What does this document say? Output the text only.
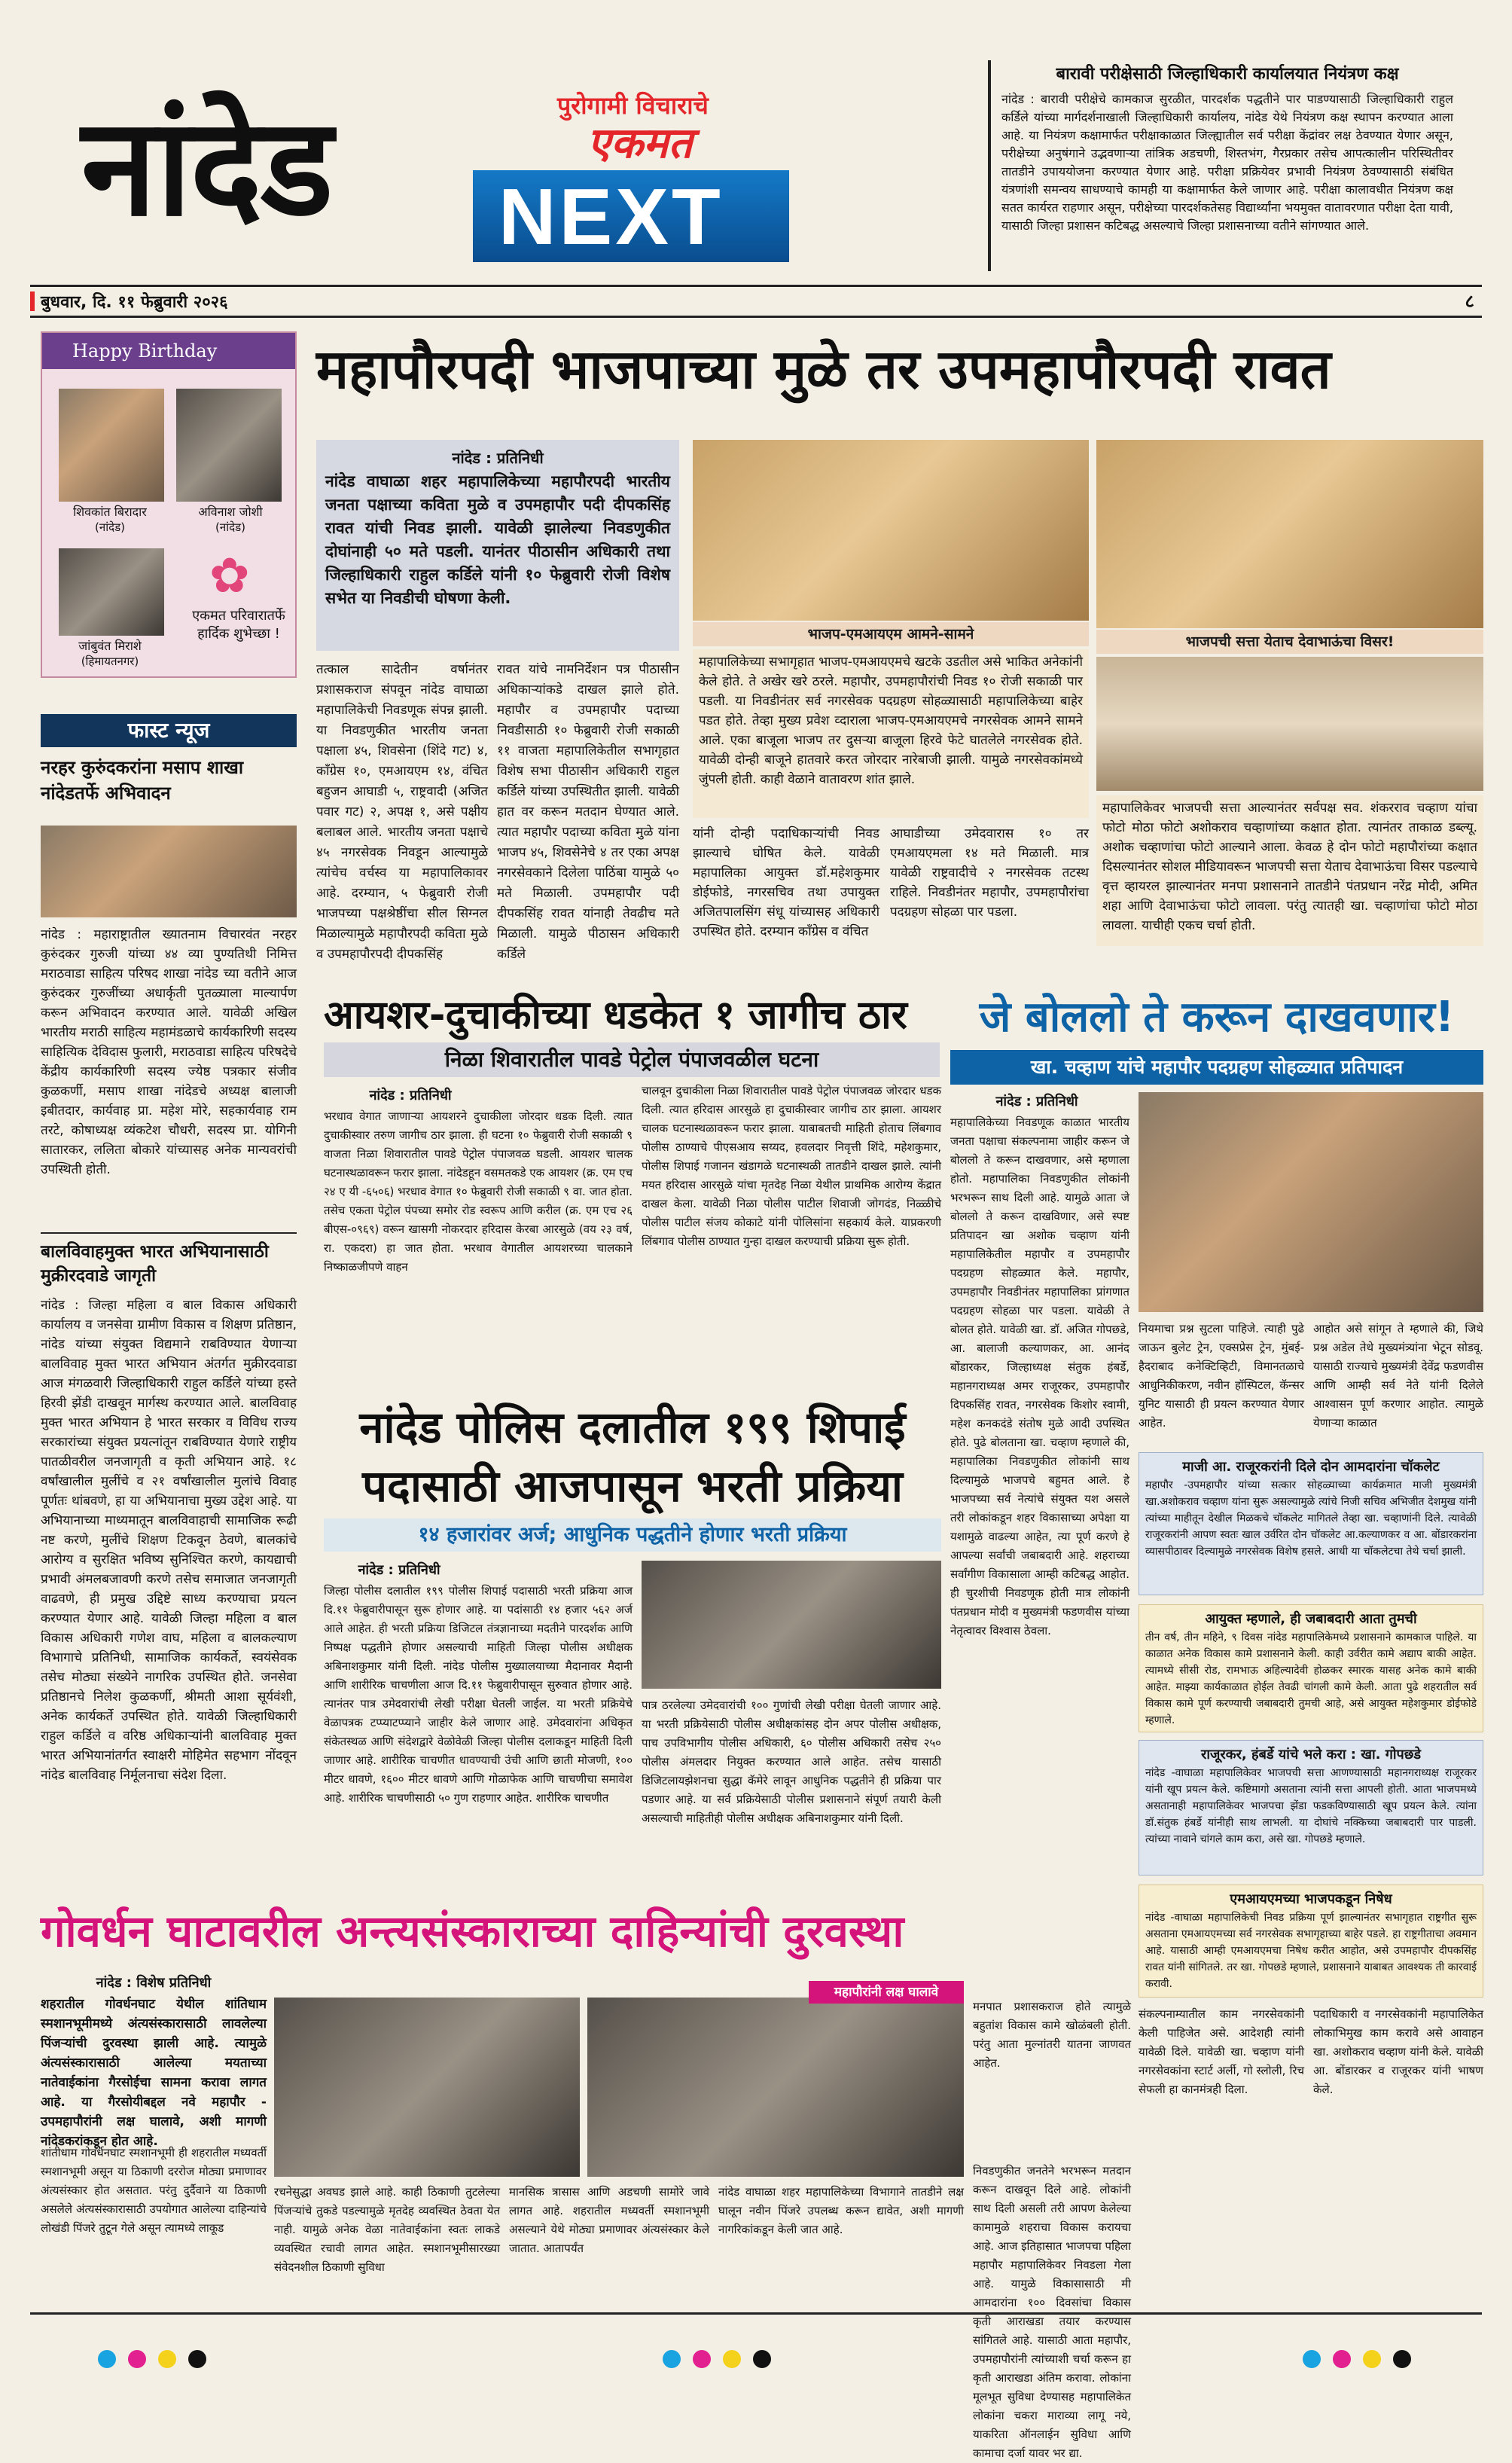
नांदेड	पुरोगामी विचाराचे
एकमत
NEXT
बारावी परीक्षेसाठी जिल्हाधिकारी कार्यालयात नियंत्रण कक्ष
नांदेड : बारावी परीक्षेचे कामकाज सुरळीत, पारदर्शक पद्धतीने पार पाडण्यासाठी जिल्हाधिकारी राहुल कर्डिले यांच्या मार्गदर्शनाखाली जिल्हाधिकारी कार्यालय, नांदेड येथे नियंत्रण कक्ष स्थापन करण्यात आला आहे. या नियंत्रण कक्षामार्फत परीक्षाकाळात जिल्ह्यातील सर्व परीक्षा केंद्रांवर लक्ष ठेवण्यात येणार असून, परीक्षेच्या अनुषंगाने उद्भवणाऱ्या तांत्रिक अडचणी, शिस्तभंग, गैरप्रकार तसेच आपत्कालीन परिस्थितीवर तातडीने उपाययोजना करण्यात येणार आहे. परीक्षा प्रक्रियेवर प्रभावी नियंत्रण ठेवण्यासाठी संबंधित यंत्रणांशी समन्वय साधण्याचे कामही या कक्षामार्फत केले जाणार आहे. परीक्षा कालावधीत नियंत्रण कक्ष सतत कार्यरत राहणार असून, परीक्षेच्या पारदर्शकतेसह विद्यार्थ्यांना भयमुक्त वातावरणात परीक्षा देता यावी, यासाठी जिल्हा प्रशासन कटिबद्ध असल्याचे जिल्हा प्रशासनाच्या वतीने सांगण्यात आले.
बुधवार, दि. ११ फेब्रुवारी २०२६	८
Happy Birthday
शिवकांत बिरादार
(नांदेड)
अविनाश जोशी
(नांदेड)
जांबुवंत मिराशे
(हिमायतनगर)
✿
एकमत परिवारातर्फे हार्दिक शुभेच्छा !
फास्ट न्यूज
नरहर कुरुंदकरांना मसाप शाखा नांदेडतर्फे अभिवादन
नांदेड : महाराष्ट्रातील ख्यातनाम विचारवंत नरहर कुरुंदकर गुरुजी यांच्या ४४ व्या पुण्यतिथी निमित्त मराठवाडा साहित्य परिषद शाखा नांदेड च्या वतीने आज कुरुंदकर गुरुजींच्या अधार्कृती पुतळ्याला माल्यार्पण करून अभिवादन करण्यात आले. यावेळी अखिल भारतीय मराठी साहित्य महामंडळाचे कार्यकारिणी सदस्य साहित्यिक देविदास फुलारी, मराठवाडा साहित्य परिषदेचे केंद्रीय कार्यकारिणी सदस्य ज्येष्ठ पत्रकार संजीव कुळकर्णी, मसाप शाखा नांदेडचे अध्यक्ष बालाजी इबीतदार, कार्यवाह प्रा. महेश मोरे, सहकार्यवाह राम तरटे, कोषाध्यक्ष व्यंकटेश चौधरी, सदस्य प्रा. योगिनी सातारकर, ललिता बोकारे यांच्यासह अनेक मान्यवरांची उपस्थिती होती.
बालविवाहमुक्त भारत अभियानासाठी मुक्रीरदवाडे जागृती
नांदेड : जिल्हा महिला व बाल विकास अधिकारी कार्यालय व जनसेवा ग्रामीण विकास व शिक्षण प्रतिष्ठान, नांदेड यांच्या संयुक्त विद्यमाने राबविण्यात येणाऱ्या बालविवाह मुक्त भारत अभियान अंतर्गत मुक्रीरदवाडा आज मंगळवारी जिल्हाधिकारी राहुल कर्डिले यांच्या हस्ते हिरवी झेंडी दाखवून मार्गस्थ करण्यात आले. बालविवाह मुक्त भारत अभियान हे भारत सरकार व विविध राज्य सरकारांच्या संयुक्त प्रयत्नांतून राबविण्यात येणारे राष्ट्रीय पातळीवरील जनजागृती व कृती अभियान आहे. १८ वर्षांखालील मुलींचे व २१ वर्षांखालील मुलांचे विवाह पूर्णतः थांबवणे, हा या अभियानाचा मुख्य उद्देश आहे. या अभियानाच्या माध्यमातून बालविवाहाची सामाजिक रूढी नष्ट करणे, मुलींचे शिक्षण टिकवून ठेवणे, बालकांचे आरोग्य व सुरक्षित भविष्य सुनिश्चित करणे, कायद्याची प्रभावी अंमलबजावणी करणे तसेच समाजात जनजागृती वाढवणे, ही प्रमुख उद्दिष्टे साध्य करण्याचा प्रयत्न करण्यात येणार आहे. यावेळी जिल्हा महिला व बाल विकास अधिकारी गणेश वाघ, महिला व बालकल्याण विभागाचे प्रतिनिधी, सामाजिक कार्यकर्ते, स्वयंसेवक तसेच मोठ्या संख्येने नागरिक उपस्थित होते. जनसेवा प्रतिष्ठानचे निलेश कुळकर्णी, श्रीमती आशा सूर्यवंशी, अनेक कार्यकर्ते उपस्थित होते. यावेळी जिल्हाधिकारी राहुल कर्डिले व वरिष्ठ अधिकाऱ्यांनी बालविवाह मुक्त भारत अभियानांतर्गत स्वाक्षरी मोहिमेत सहभाग नोंदवून नांदेड बालविवाह निर्मूलनाचा संदेश दिला.
महापौरपदी भाजपाच्या मुळे तर उपमहापौरपदी रावत
नांदेड : प्रतिनिधी
नांदेड वाघाळा शहर महापालिकेच्या महापौरपदी भारतीय जनता पक्षाच्या कविता मुळे व उपमहापौर पदी दीपकसिंह रावत यांची निवड झाली. यावेळी झालेल्या निवडणुकीत दोघांनाही ५० मते पडली. यानंतर पीठासीन अधिकारी तथा जिल्हाधिकारी राहुल कर्डिले यांनी १० फेब्रुवारी रोजी विशेष सभेत या निवडीची घोषणा केली.
तत्काल सादेतीन वर्षानंतर प्रशासकराज संपवून नांदेड वाघाळा महापालिकेची निवडणूक संपन्न झाली. या निवडणुकीत भारतीय जनता पक्षाला ४५, शिवसेना (शिंदे गट) ४, काँग्रेस १०, एमआयएम १४, वंचित बहुजन आघाडी ५, राष्ट्रवादी (अजित पवार गट) २, अपक्ष १, असे पक्षीय बलाबल आले. भारतीय जनता पक्षाचे ४५ नगरसेवक निवडून आल्यामुळे त्यांचेच वर्चस्व या महापालिकावर आहे. दरम्यान, ५ फेब्रुवारी रोजी भाजपच्या पक्षश्रेष्ठींचा सील सिग्नल मिळाल्यामुळे महापौरपदी कविता मुळे व उपमहापौरपदी दीपकसिंह
रावत यांचे नामनिर्देशन पत्र पीठासीन अधिकाऱ्यांकडे दाखल झाले होते. महापौर व उपमहापौर पदाच्या निवडीसाठी १० फेब्रुवारी रोजी सकाळी ११ वाजता महापालिकेतील सभागृहात विशेष सभा पीठासीन अधिकारी राहुल कर्डिले यांच्या उपस्थितीत झाली. यावेळी हात वर करून मतदान घेण्यात आले. त्यात महापौर पदाच्या कविता मुळे यांना भाजप ४५, शिवसेनेचे ४ तर एका अपक्ष नगरसेवकाने दिलेला पाठिंबा यामुळे ५० मते मिळाली. उपमहापौर पदी दीपकसिंह रावत यांनाही तेवढीच मते मिळाली. यामुळे पीठासन अधिकारी कर्डिले
भाजप-एमआयएम आमने-सामने
महापालिकेच्या सभागृहात भाजप-एमआयएमचे खटके उडतील असे भाकित अनेकांनी केले होते. ते अखेर खरे ठरले. महापौर, उपमहापौरांची निवड १० रोजी सकाळी पार पडली. या निवडीनंतर सर्व नगरसेवक पदग्रहण सोहळ्यासाठी महापालिकेच्या बाहेर पडत होते. तेव्हा मुख्य प्रवेश व्दाराला भाजप-एमआयएमचे नगरसेवक आमने सामने आले. एका बाजूला भाजप तर दुसऱ्या बाजूला हिरवे फेटे घातलेले नगरसेवक होते. यावेळी दोन्ही बाजूने हातवारे करत जोरदार नारेबाजी झाली. यामुळे नगरसेवकांमध्ये जुंपली होती. काही वेळाने वातावरण शांत झाले.
भाजपची सत्ता येताच देवाभाऊंचा विसर!
महापालिकेवर भाजपची सत्ता आल्यानंतर सर्वपक्ष सव. शंकरराव चव्हाण यांचा फोटो मोठा फोटो अशोकराव चव्हाणांच्या कक्षात होता. त्यानंतर ताकाळ डब्ल्यू. अशोक चव्हाणांचा फोटो आल्याने आला. केवळ हे दोन फोटो महापौरांच्या कक्षात दिसल्यानंतर सोशल मीडियावरून भाजपची सत्ता येताच देवाभाऊंचा विसर पडल्याचे वृत्त व्हायरल झाल्यानंतर मनपा प्रशासनाने तातडीने पंतप्रधान नरेंद्र मोदी, अमित शहा आणि देवाभाऊंचा फोटो लावला. परंतु त्यातही खा. चव्हाणांचा फोटो मोठा लावला. याचीही एकच चर्चा होती.
यांनी दोन्ही पदाधिकाऱ्यांची निवड झाल्याचे घोषित केले. यावेळी महापालिका आयुक्त डॉ.महेशकुमार डोईफोडे, नगरसचिव तथा उपायुक्त अजितपालसिंग संधू यांच्यासह अधिकारी उपस्थित होते. दरम्यान काँग्रेस व वंचित
आघाडीच्या उमेदवारास १० तर एमआयएमला १४ मते मिळाली. मात्र यावेळी राष्ट्रवादीचे २ नगरसेवक तटस्थ राहिले. निवडीनंतर महापौर, उपमहापौरांचा पदग्रहण सोहळा पार पडला.
आयशर-दुचाकीच्या धडकेत १ जागीच ठार
निळा शिवारातील पावडे पेट्रोल पंपाजवळील घटना
नांदेड : प्रतिनिधी
भरधाव वेगात जाणाऱ्या आयशरने दुचाकीला जोरदार धडक दिली. त्यात दुचाकीस्वार तरुण जागीच ठार झाला. ही घटना १० फेब्रुवारी रोजी सकाळी ९ वाजता निळा शिवारातील पावडे पेट्रोल पंपाजवळ घडली. आयशर चालक घटनास्थळावरून फरार झाला. नांदेडहून वसमतकडे एक आयशर (क्र. एम एच २४ ए यी -६५०६) भरधाव वेगात १० फेब्रुवारी रोजी सकाळी ९ वा. जात होता. तसेच एकता पेट्रोल पंपच्या समोर रोड स्वरूप आणि करील (क्र. एम एच २६ बीएस-०९६९) वरून खासगी नोकरदार हरिदास केरबा आरसुळे (वय २३ वर्ष, रा. एकदरा) हा जात होता. भरधाव वेगातील आयशरच्या चालकाने निष्काळजीपणे वाहन
चालवून दुचाकीला निळा शिवारातील पावडे पेट्रोल पंपाजवळ जोरदार धडक दिली. त्यात हरिदास आरसुळे हा दुचाकीस्वार जागीच ठार झाला. आयशर चालक घटनास्थळावरून फरार झाला. याबाबतची माहिती होताच लिंबगाव पोलीस ठाण्याचे पीएसआय सय्यद, हवलदार निवृत्ती शिंदे, महेशकुमार, पोलीस शिपाई गजानन खंडागळे घटनास्थळी तातडीने दाखल झाले. त्यांनी मयत हरिदास आरसुळे यांचा मृतदेह निळा येथील प्राथमिक आरोग्य केंद्रात दाखल केला. यावेळी निळा पोलीस पाटील शिवाजी जोगदंड, निळ्ळीचे पोलीस पाटील संजय कोकाटे यांनी पोलिसांना सहकार्य केले. याप्रकरणी लिंबगाव पोलीस ठाण्यात गुन्हा दाखल करण्याची प्रक्रिया सुरू होती.
नांदेड पोलिस दलातील १९९ शिपाई
पदासाठी आजपासून भरती प्रक्रिया
१४ हजारांवर अर्ज; आधुनिक पद्धतीने होणार भरती प्रक्रिया
नांदेड : प्रतिनिधी
जिल्हा पोलीस दलातील १९९ पोलीस शिपाई पदासाठी भरती प्रक्रिया आज दि.११ फेब्रुवारीपासून सुरू होणार आहे. या पदांसाठी १४ हजार ५६२ अर्ज आले आहेत. ही भरती प्रक्रिया डिजिटल तंत्रज्ञानाच्या मदतीने पारदर्शक आणि निष्पक्ष पद्धतीने होणार असल्याची माहिती जिल्हा पोलीस अधीक्षक अबिनाशकुमार यांनी दिली. नांदेड पोलीस मुख्यालयाच्या मैदानावर मैदानी आणि शारीरिक चाचणीला आज दि.११ फेब्रुवारीपासून सुरुवात होणार आहे. त्यानंतर पात्र उमेदवारांची लेखी परीक्षा घेतली जाईल. या भरती प्रक्रियेचे वेळापत्रक टप्प्याटप्प्याने जाहीर केले जाणार आहे. उमेदवारांना अधिकृत संकेतस्थळ आणि संदेशद्वारे वेळोवेळी जिल्हा पोलीस दलाकडून माहिती दिली जाणार आहे. शारीरिक चाचणीत धावण्याची उंची आणि छाती मोजणी, १०० मीटर धावणे, १६०० मीटर धावणे आणि गोळाफेक आणि चाचणीचा समावेश आहे. शारीरिक चाचणीसाठी ५० गुण राहणार आहेत. शारीरिक चाचणीत
पात्र ठरलेल्या उमेदवारांची १०० गुणांची लेखी परीक्षा घेतली जाणार आहे. या भरती प्रक्रियेसाठी पोलीस अधीक्षकांसह दोन अपर पोलीस अधीक्षक, पाच उपविभागीय पोलीस अधिकारी, ६० पोलीस अधिकारी तसेच २५० पोलीस अंमलदार नियुक्त करण्यात आले आहेत. तसेच यासाठी डिजिटलायझेशनचा सुद्धा कॅमेरे लावून आधुनिक पद्धतीने ही प्रक्रिया पार पडणार आहे. या सर्व प्रक्रियेसाठी पोलीस प्रशासनाने संपूर्ण तयारी केली असल्याची माहितीही पोलीस अधीक्षक अबिनाशकुमार यांनी दिली.
जे बोललो ते करून दाखवणार!
खा. चव्हाण यांचे महापौर पदग्रहण सोहळ्यात प्रतिपादन
नांदेड : प्रतिनिधी
महापालिकेच्या निवडणूक काळात भारतीय जनता पक्षाचा संकल्पनामा जाहीर करून जे बोललो ते करून दाखवणार, असे म्हणाला होतो. महापालिका निवडणुकीत लोकांनी भरभरून साथ दिली आहे. यामुळे आता जे बोललो ते करून दाखविणार, असे स्पष्ट प्रतिपादन खा अशोक चव्हाण यांनी महापालिकेतील महापौर व उपमहापौर पदग्रहण सोहळ्यात केले. महापौर, उपमहापौर निवडीनंतर महापालिका प्रांगणात पदग्रहण सोहळा पार पडला. यावेळी ते बोलत होते. यावेळी खा. डॉ. अजित गोपछडे, आ. बालाजी कल्याणकर, आ. आनंद बोंडारकर, जिल्हाध्यक्ष संतुक हंबर्डे, महानगराध्यक्ष अमर राजूरकर, उपमहापौर दिपकसिंह रावत, नगरसेवक किशोर स्वामी, महेश कनकदंडे संतोष मुळे आदी उपस्थित होते. पुढे बोलताना खा. चव्हाण म्हणाले की, महापालिका निवडणुकीत लोकांनी साथ दिल्यामुळे भाजपचे बहुमत आले. हे भाजपच्या सर्व नेत्यांचे संयुक्त यश असले तरी लोकांकडून शहर विकासाच्या अपेक्षा या यशामुळे वाढल्या आहेत, त्या पूर्ण करणे हे आपल्या सर्वांची जबाबदारी आहे. शहराच्या सर्वांगीण विकासाला आम्ही कटिबद्ध आहोत. ही चुरशीची निवडणूक होती मात्र लोकांनी पंतप्रधान मोदी व मुख्यमंत्री फडणवीस यांच्या नेतृत्वावर विश्वास ठेवला.
नियमाचा प्रश्न सुटला पाहिजे. त्याही पुढे जाऊन बुलेट ट्रेन, एक्सप्रेस ट्रेन, मुंबई- हैदराबाद कनेक्टिव्हिटी, विमानतळाचे आधुनिकीकरण, नवीन हॉस्पिटल, कॅन्सर युनिट यासाठी ही प्रयत्न करण्यात येणार आहेत.
आहोत असे सांगून ते म्हणाले की, जिथे प्रश्न अडेल तेथे मुख्यमंत्र्यांना भेटून सोडवू. यासाठी राज्याचे मुख्यमंत्री देवेंद्र फडणवीस आणि आम्ही सर्व नेते यांनी दिलेले आश्वासन पूर्ण करणार आहोत. त्यामुळे येणाऱ्या काळात
माजी आ. राजूरकरांनी दिले दोन आमदारांना चॉकलेट
महापौर -उपमहापौर यांच्या सत्कार सोहळ्याच्या कार्यक्रमात माजी मुख्यमंत्री खा.अशोकराव चव्हाण यांना सुरू असल्यामुळे त्यांचे निजी सचिव अभिजीत देशमुख यांनी त्यांच्या माहीतून देखील मिळकचे चॉकलेट मागितले तेव्हा खा. चव्हाणांनी दिले. त्यावेळी राजूरकरांनी आपण स्वतः खाल उर्वरित दोन चॉकलेट आ.कल्याणकर व आ. बोंडारकरांना व्यासपीठावर दिल्यामुळे नगरसेवक विशेष हसले. आधी या चॉकलेटचा तेथे चर्चा झाली.
आयुक्त म्हणाले, ही जबाबदारी आता तुमची
तीन वर्ष, तीन महिने, ९ दिवस नांदेड महापालिकेमध्ये प्रशासनाने कामकाज पाहिले. या काळात अनेक विकास कामे प्रशासनाने केली. काही उर्वरीत कामे अद्याप बाकी आहेत. त्यामध्ये सीसी रोड, रामभाऊ अहिल्यादेवी होळकर स्मारक यासह अनेक कामे बाकी आहेत. माझ्या कार्यकाळात होईल तेवढी चांगली कामे केली. आता पुढे शहरातील सर्व विकास कामे पूर्ण करण्याची जबाबदारी तुमची आहे, असे आयुक्त महेशकुमार डोईफोडे म्हणाले.
राजूरकर, हंबर्डे यांचे भले करा : खा. गोपछडे
नांदेड -वाघाळा महापालिकेवर भाजपची सत्ता आणण्यासाठी महानगराध्यक्ष राजूरकर यांनी खूप प्रयत्न केले. कष्टिमागो असताना त्यांनी सत्ता आपली होती. आता भाजपमध्ये असतानाही महापालिकेवर भाजपचा झेंडा फडकविण्यासाठी खूप प्रयत्न केले. त्यांना डॉ.संतुक हंबर्डे यांनीही साथ लाभली. या दोघांचे नक्किच्या जबाबदारी पार पाडली. त्यांच्या नावाने चांगले काम करा, असे खा. गोपछडे म्हणाले.
एमआयएमच्या भाजपकडून निषेध
नांदेड -वाघाळा महापालिकेची निवड प्रक्रिया पूर्ण झाल्यानंतर सभागृहात राष्ट्रगीत सुरू असताना एमआयएमच्या सर्व नगरसेवक सभागृहाच्या बाहेर पडले. हा राष्ट्रगीताचा अवमान आहे. यासाठी आम्ही एमआयएमचा निषेध करीत आहोत, असे उपमहापौर दीपकसिंह रावत यांनी सांगितले. तर खा. गोपछडे म्हणाले, प्रशासनाने याबाबत आवश्यक ती कारवाई करावी.
गोवर्धन घाटावरील अन्त्यसंस्काराच्या दाहिन्यांची दुरवस्था
नांदेड : विशेष प्रतिनिधी
शहरातील गोवर्धनघाट येथील शांतिधाम स्मशानभूमीमध्ये अंत्यसंस्कारासाठी लावलेल्या पिंजऱ्यांची दुरवस्था झाली आहे. त्यामुळे अंत्यसंस्कारासाठी आलेल्या मयताच्या नातेवाईकांना गैरसोईचा सामना करावा लागत आहे. या गैरसोयीबद्दल नवे महापौर - उपमहापौरांनी लक्ष घालावे, अशी मागणी नांदेडकरांकडून होत आहे.
शांतीधाम गोवर्धनघाट स्मशानभूमी ही शहरातील मध्यवर्ती स्मशानभूमी असून या ठिकाणी दररोज मोठ्या प्रमाणावर अंत्यसंस्कार होत असतात. परंतु दुर्दैवाने या ठिकाणी असलेले अंत्यसंस्कारासाठी उपयोगात आलेल्या दाहिन्यांचे लोखंडी पिंजरे तुटून गेले असून त्यामध्ये लाकूड
महापौरांनी लक्ष घालावे
रचनेसुद्धा अवघड झाले आहे. काही ठिकाणी तुटलेल्या पिंजऱ्यांचे तुकडे पडल्यामुळे मृतदेह व्यवस्थित ठेवता येत नाही. यामुळे अनेक वेळा नातेवाईकांना स्वतः लाकडे व्यवस्थित रचावी लागत आहेत. स्मशानभूमीसारख्या संवेदनशील ठिकाणी सुविधा
मानसिक त्रासास आणि अडचणी सामोरे जावे लागत आहे. शहरातील मध्यवर्ती स्मशानभूमी असल्याने येथे मोठ्या प्रमाणावर अंत्यसंस्कार केले जातात. आतापर्यंत
मनपात प्रशासकराज होते त्यामुळे बहुतांश विकास कामे खोळंबली होती. परंतु आता मुल्नांतरी यातना जाणवत आहेत.
नांदेड वाघाळा शहर महापालिकेच्या विभागाने तातडीने लक्ष घालून नवीन पिंजरे उपलब्ध करून द्यावेत, अशी मागणी नागरिकांकडून केली जात आहे.
संकल्पनाम्यातील काम नगरसेवकांनी केली पाहिजेत असे. आदेशही त्यांनी यावेळी दिले. यावेळी खा. चव्हाण यांनी नगरसेवकांना स्टार्ट अर्ली, गो स्लोली, रिच सेफली हा कानमंत्रही दिला.
पदाधिकारी व नगरसेवकांनी महापालिकेत लोकाभिमुख काम करावे असे आवाहन खा. अशोकराव चव्हाण यांनी केले. यावेळी आ. बोंडारकर व राजूरकर यांनी भाषण केले.
निवडणुकीत जनतेने भरभरून मतदान करून दाखवून दिले आहे. लोकांनी साथ दिली असली तरी आपण केलेल्या कामामुळे शहराचा विकास करायचा आहे. आज इतिहासात भाजपचा पहिला महापौर महापालिकेवर निवडला गेला आहे. यामुळे विकासासाठी मी आमदारांना १०० दिवसांचा विकास कृती आराखडा तयार करण्यास सांगितले आहे. यासाठी आता महापौर, उपमहापौरांनी त्यांच्याशी चर्चा करून हा कृती आराखडा अंतिम करावा. लोकांना मूलभूत सुविधा देण्यासह महापालिकेत लोकांना चकरा माराव्या लागू नये, याकरिता ऑनलाईन सुविधा आणि कामाचा दर्जा यावर भर द्या.
